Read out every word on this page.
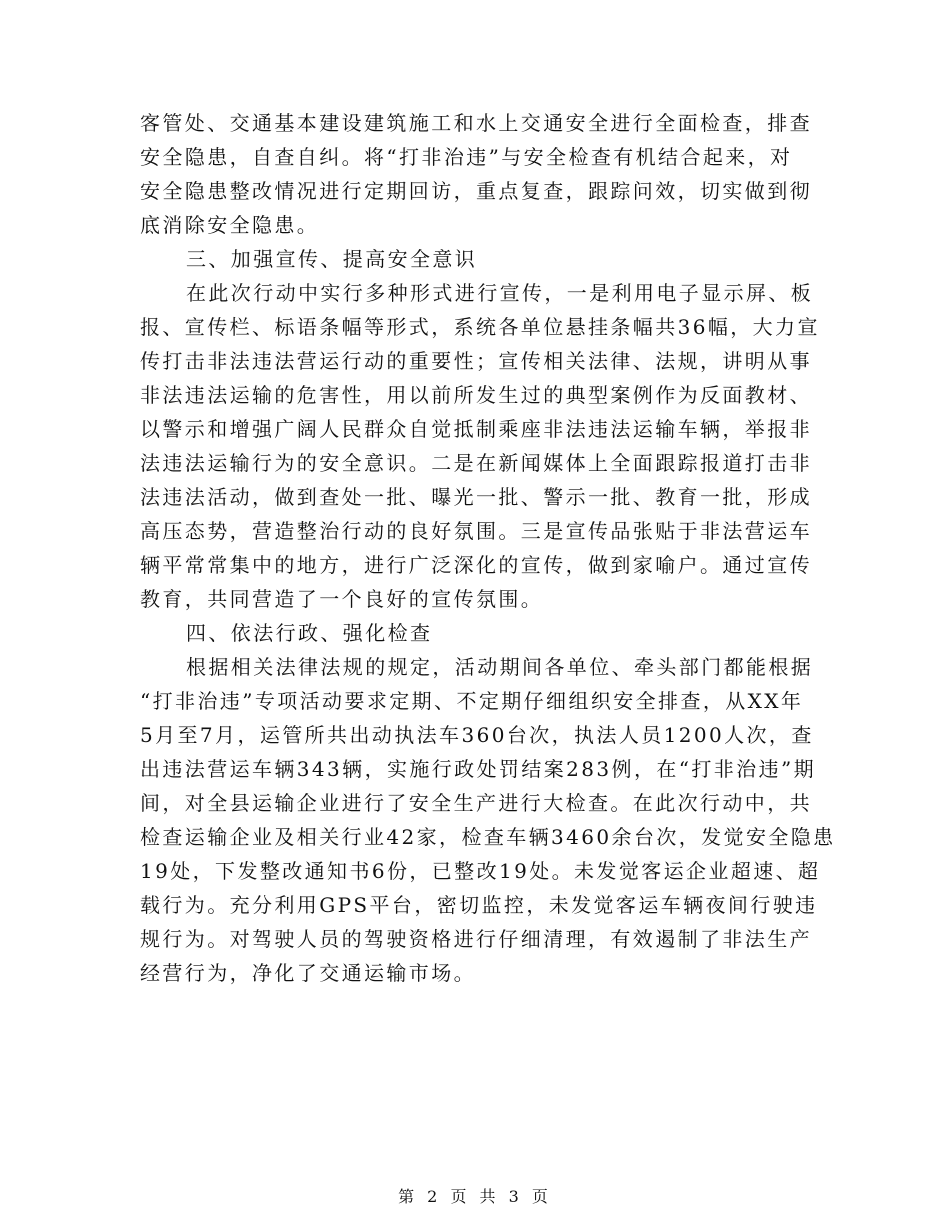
客管处、交通基本建设建筑施工和水上交通安全进行全面检查，排查
安全隐患，自查自纠。将“打非治违”与安全检查有机结合起来，对
安全隐患整改情况进行定期回访，重点复查，跟踪问效，切实做到彻
底消除安全隐患。
三、加强宣传、提高安全意识
在此次行动中实行多种形式进行宣传，一是利用电子显示屏、板
报、宣传栏、标语条幅等形式，系统各单位悬挂条幅共36幅，大力宣
传打击非法违法营运行动的重要性；宣传相关法律、法规，讲明从事
非法违法运输的危害性，用以前所发生过的典型案例作为反面教材、
以警示和增强广阔人民群众自觉抵制乘座非法违法运输车辆，举报非
法违法运输行为的安全意识。二是在新闻媒体上全面跟踪报道打击非
法违法活动，做到查处一批、曝光一批、警示一批、教育一批，形成
高压态势，营造整治行动的良好氛围。三是宣传品张贴于非法营运车
辆平常常集中的地方，进行广泛深化的宣传，做到家喻户。通过宣传
教育，共同营造了一个良好的宣传氛围。
四、依法行政、强化检查
根据相关法律法规的规定，活动期间各单位、牵头部门都能根据
“打非治违”专项活动要求定期、不定期仔细组织安全排查，从XX年
5月至7月，运管所共出动执法车360台次，执法人员1200人次，查
出违法营运车辆343辆，实施行政处罚结案283例，在“打非治违”期
间，对全县运输企业进行了安全生产进行大检查。在此次行动中，共
检查运输企业及相关行业42家，检查车辆3460余台次，发觉安全隐患
19处，下发整改通知书6份，已整改19处。未发觉客运企业超速、超
载行为。充分利用GPS平台，密切监控，未发觉客运车辆夜间行驶违
规行为。对驾驶人员的驾驶资格进行仔细清理，有效遏制了非法生产
经营行为，净化了交通运输市场。
第 2 页 共 3 页
